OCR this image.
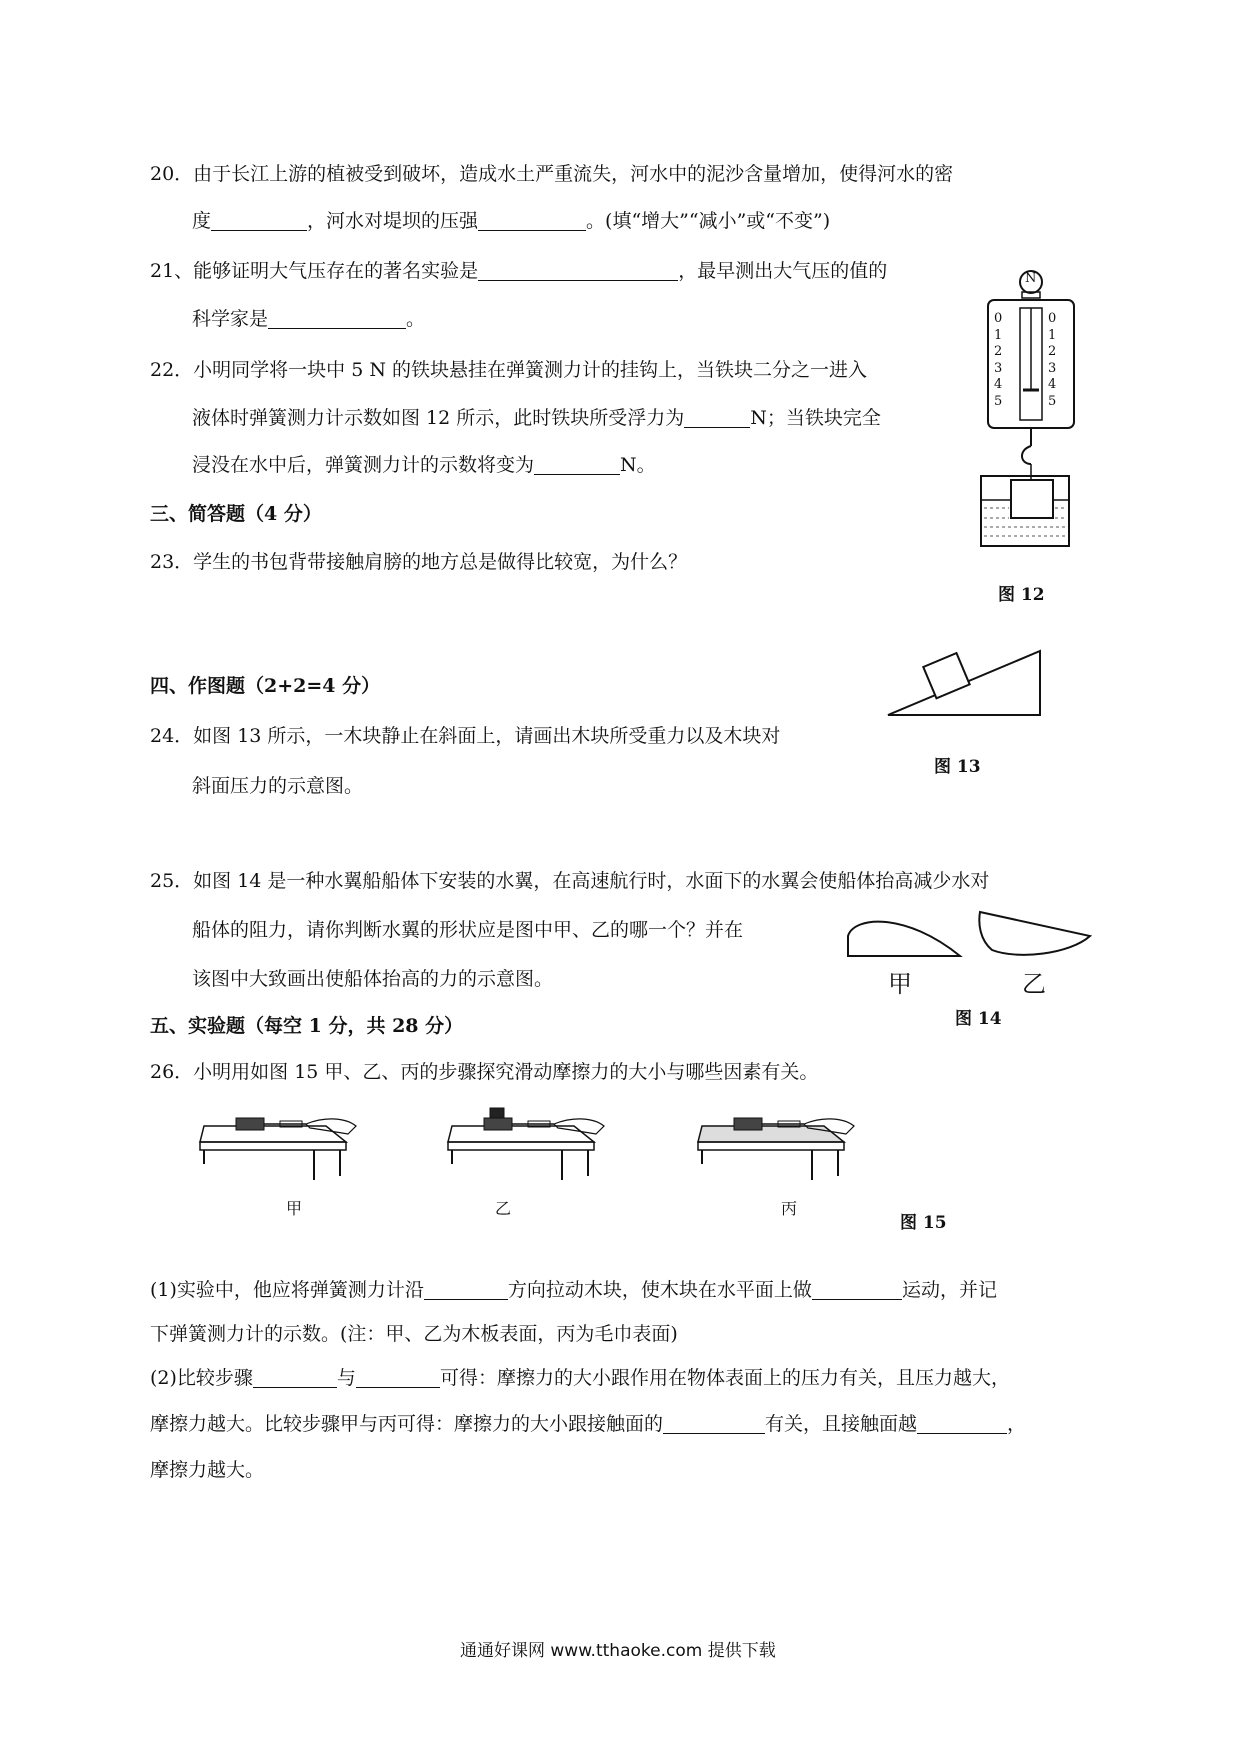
20．由于长江上游的植被受到破坏，造成水土严重流失，河水中的泥沙含量增加，使得河水的密
度	，河水对堤坝的压强	。(填“增大”“减小”或“不变”)
21、能够证明大气压存在的著名实验是	，最早测出大气压的值的
科学家是	。
22．小明同学将一块中 5 N 的铁块悬挂在弹簧测力计的挂钩上，当铁块二分之一进入
液体时弹簧测力计示数如图 12 所示，此时铁块所受浮力为	N；当铁块完全
浸没在水中后，弹簧测力计的示数将变为	N。
N
0
1
2
3
4
5
0
1
2
3
4
5
图 12
三、简答题（4 分）
23．学生的书包背带接触肩膀的地方总是做得比较宽，为什么？
图 13
四、作图题（2+2=4 分）
24．如图 13 所示，一木块静止在斜面上，请画出木块所受重力以及木块对
斜面压力的示意图。
25．如图 14 是一种水翼船船体下安装的水翼，在高速航行时，水面下的水翼会使船体抬高减少水对
船体的阻力，请你判断水翼的形状应是图中甲、乙的哪一个？并在
该图中大致画出使船体抬高的力的示意图。	甲	乙
图 14
五、实验题（每空 1 分，共 28 分）
26．小明用如图 15 甲、乙、丙的步骤探究滑动摩擦力的大小与哪些因素有关。
甲	乙	丙
图 15
(1)实验中，他应将弹簧测力计沿	方向拉动木块，使木块在水平面上做	运动，并记
下弹簧测力计的示数。(注：甲、乙为木板表面，丙为毛巾表面)
(2)比较步骤	与	可得：摩擦力的大小跟作用在物体表面上的压力有关，且压力越大，
摩擦力越大。比较步骤甲与丙可得：摩擦力的大小跟接触面的	有关，且接触面越	，
摩擦力越大。
通通好课网 www.tthaoke.com 提供下载
